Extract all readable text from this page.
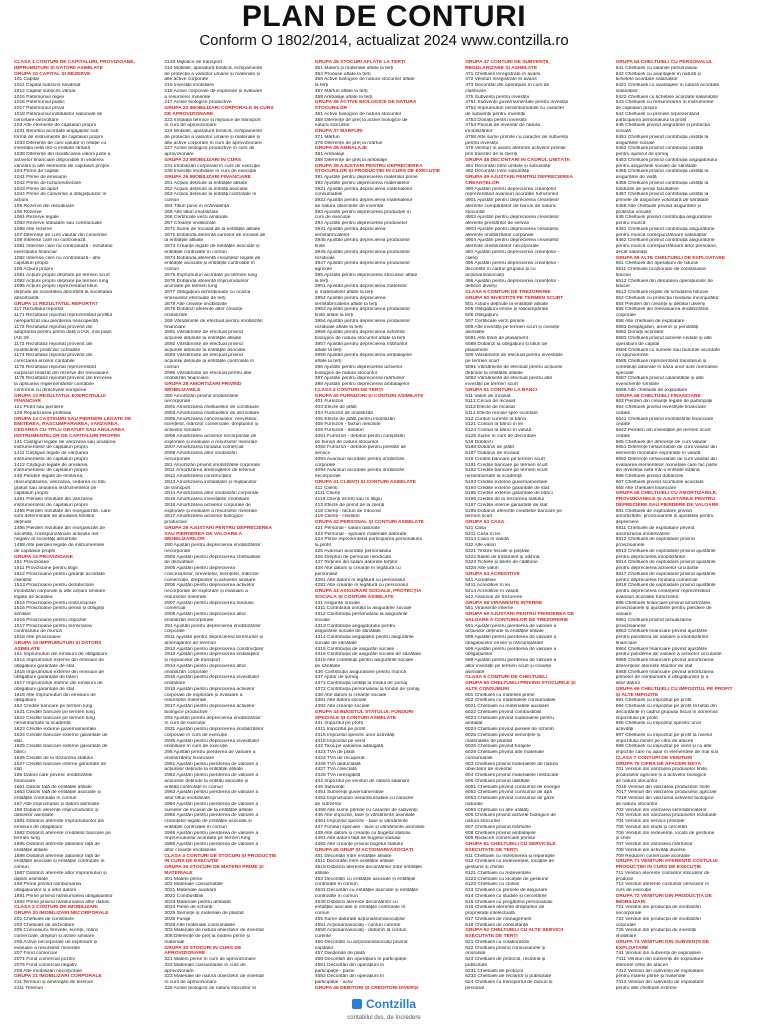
PLAN DE CONTURI
Conform O 1802/2014, actualizat 2024 www.contzilla.ro
CLASA 1 CONTURI DE CAPITALURI, PROVIZIOANE,
ÎMPRUMUTURI ȘI DATORII ASIMILATE
GRUPA 10 CAPITAL ȘI REZERVE
101 Capital
1011 Capital subscris nevărsat
1012 Capital subscris vărsat
1015 Patrimoniul regiei
1016 Patrimoniul public
1017 Patrimoniul privat
1018 Patrimoniul institutelor naționale de
cercetare-dezvoltare
103 Alte elemente de capitaluri proprii
1031 Beneficii acordate angajaților sub
formă de instrumente de capitaluri proprii
1033 Diferențe de curs valutar în relație cu
investiția netă într-o entitate străină
1038 Diferențe din modificarea valorii juste a
activelor financiare disponibile în vederea
vânzării și alte elemente de capitaluri proprii
104 Prime de capital
1041 Prime de emisiune
1042 Prime de fuziune/divizare
1043 Prime de aport
1044 Prime de conversie a obligațiunilor în
acțiuni
105 Rezerve din reevaluare
106 Rezerve
1061 Rezerve legale
1063 Rezerve statutare sau contractuale
1068 Alte rezerve
107 Diferențe de curs valutar din conversie
108 Interese care nu controlează
1081 Interese care nu controlează - rezultatul
exercițiului financiar
1082 Interese care nu controlează - alte
capitaluri proprii
109 Acțiuni proprii
1091 Acțiuni proprii deținute pe termen scurt
1092 Acțiuni proprii deținute pe termen lung
1095 Acțiuni proprii reprezentând titluri
deținute de societatea absorbită la societatea
absorbantă
GRUPA 11 REZULTATUL REPORTAT
117 Rezultatul reportat
1171 Rezultatul reportat reprezentând profitul
nerepartizat sau pierderea neacoperită
1172 Rezultatul reportat provenit din
adoptarea pentru prima dată a IAS, mai puțin
IAS 29
1173 Rezultatul reportat provenit din
modificările politicilor contabile
1174 Rezultatul reportat provenit din
corectarea erorilor contabile
1175 Rezultatul reportat reprezentând
surplusul realizat din rezerve din reevaluare
1176 Rezultatul reportat provenit din trecerea
la aplicarea reglementărilor contabile
conforme cu directivele europene
GRUPA 12 REZULTATUL EXERCIȚIULUI
FINANCIAR
121 Profit sau pierdere
129 Repartizarea profitului
GRUPA 14 CÂȘTIGURI SAU PIERDERI LEGATE DE
EMITEREA, RĂSCUMPĂRAREA, VÂNZAREA,
CEDAREA CU TITLU GRATUIT SAU ANULAREA
INSTRUMENTELOR DE CAPITALURI PROPRII
141 Câștiguri legate de vânzarea sau anularea
instrumentelor de capitaluri proprii
1411 Câștiguri legate de vânzarea
instrumentelor de capitaluri proprii
1412 Câștiguri legate de anularea
instrumentelor de capitaluri proprii
149 Pierderi legate de emiterea,
răscumpărarea, vânzarea, cedarea cu titlu
gratuit sau anularea instrumentelor de
capitaluri proprii
1491 Pierderi rezultate din vânzarea
instrumentelor de capitaluri proprii
1495 Pierderi rezultate din reorganizări, care
sunt determinate de anularea titlurilor
deținute
1496 Pierderi rezultate din reorganizări de
societăți, corespunzătoare activului net
negativ al societății absorbite
1498 Alte pierderi legate de instrumentele
de capitaluri proprii
GRUPA 15 PROVIZIOANE
151 Provizioane
1511 Provizioane pentru litigii
1512 Provizioane pentru garanții acordate
clienților
1513 Provizioane pentru dezafectare
imobilizări corporale și alte acțiuni similare
legate de acestea
1514 Provizioane pentru restructurare
1515 Provizioane pentru pensii și obligații
similare
1516 Provizioane pentru impozite
1517 Provizioane pentru terminarea
contractului de muncă
1518 Alte provizioane
GRUPA 16 ÎMPRUMUTURI ȘI DATORII
ASIMILATE
161 Împrumuturi din emisiuni de obligațiuni
1614 Împrumuturi externe din emisiuni de
obligațiuni garantate de stat
1615 Împrumuturi externe din emisiuni de
obligațiuni garantate de bănci
1617 Împrumuturi interne din emisiuni de
obligațiuni garantate de stat
1618 Alte împrumuturi din emisiuni de
obligațiuni
162 Credite bancare pe termen lung
1621 Credite bancare pe termen lung
1622 Credite bancare pe termen lung
nerambursate la scadență
1623 Credite externe guvernamentale
1624 Credite bancare externe garantate de
stat
1625 Credite bancare externe garantate de
bănci
1626 Credite de la trezoreria statului
1627 Credite bancare interne garantate de
stat
166 Datorii care privesc imobilizările
financiare
1661 Datorii față de entitățile afiliate
1663 Datorii față de entitățile asociate și
entitățile controlate în comun
167 Alte împrumuturi și datorii asimilate
168 Dobânzi aferente împrumuturilor și
datoriilor asimilate
1681 Dobânzi aferente împrumuturilor din
emisiuni de obligațiuni
1682 Dobânzi aferente creditelor bancare pe
termen lung
1685 Dobânzi aferente datoriilor față de
entitățile afiliate
1686 Dobânzi aferente datoriilor față de
entitățile asociate și entitățile controlate în
comun
1687 Dobânzi aferente altor împrumuturi și
datorii asimilate
169 Prime privind rambursarea
obligațiunilor și a altor datorii
1691 Prime privind rambursarea obligațiunilor
1692 Prime privind rambursarea altor datorii
CLASA 2 CONTURI DE IMOBILIZĂRI
GRUPA 20 IMOBILIZĂRI NECORPORALE
201 Cheltuieli de constituire
203 Cheltuieli de dezvoltare
205 Concesiuni, brevete, licențe, mărci
comerciale, drepturi și active similare
206 Active necorporale de explorare și
evaluare a resurselor minerale
207 Fond comercial
2071 Fond comercial pozitiv
2075 Fond comercial negativ
208 Alte imobilizări necorporale
GRUPA 21 IMOBILIZĂRI CORPORALE
211 Terenuri și amenajări de terenuri
2111 Terenuri
2133 Mijloace de transport
214 Mobilier, aparatură birotică, echipamente
de protecție a valorilor umane și materiale și
alte active corporale
215 Investiții imobiliare
216 Active corporale de explorare și evaluare
a resurselor minerale
217 Active biologice productive
GRUPA 22 IMOBILIZĂRI CORPORALE ÎN CURS
DE APROVIZIONARE
223 Instalații tehnice și mijloace de transport
în curs de aprovizionare
224 Mobilier, aparatură birotică, echipamente
de protecție a valorilor umane și materiale și
alte active corporale în curs de aprovizionare
227 Active biologice productive în curs de
aprovizionare
GRUPA 23 IMOBILIZĂRI ÎN CURS
231 Imobilizări corporale în curs de execuție
235 Investiții imobiliare în curs de execuție
GRUPA 26 IMOBILIZĂRI FINANCIARE
261 Acțiuni deținute la entitățile afiliate
262 Acțiuni deținute la entități asociate
263 Acțiuni deținute la entități controlate în
comun
264 Titluri puse în echivalență
265 Alte titluri imobilizate
266 Certificate verzi amânate
267 Creanțe imobilizate
2671 Sume de încasat de la entitățile afiliate
2672 Dobânda aferentă sumelor de încasat de
la entitățile afiliate
2673 Creanțe legate de entitățile asociate și
entitățile controlate în comun
2674 Dobânda aferentă creanțelor legate de
entitățile asociate și entitățile controlate în
comun
2675 Împrumuturi acordate pe termen lung
2676 Dobânda aferentă împrumuturilor
acordate pe termen lung
2677 Obligațiuni achiziționate cu ocazia
emisiunilor efectuate de terți
2678 Alte creanțe imobilizate
2679 Dobânzi aferente altor creanțe
imobilizate
269 Vărsăminte de efectuat pentru imobilizări
financiare
2691 Vărsăminte de efectuat privind
acțiunile deținute la entitățile afiliate
2692 Vărsăminte de efectuat privind
acțiunile deținute la entitățile asociate
2693 Vărsăminte de efectuat privind
acțiunile deținute la entitățile controlate în
comun
2695 Vărsăminte de efectuat pentru alte
imobilizări financiare
GRUPA 28 AMORTIZĂRI PRIVIND
IMOBILIZĂRILE
280 Amortizări privind imobilizările
necorporale
2801 Amortizarea cheltuielilor de constituire
2803 Amortizarea cheltuielilor de dezvoltare
2805 Amortizarea concesiunilor, brevetelor,
licențelor, mărcilor comerciale, drepturilor și
activelor similare
2806 Amortizarea activelor necorporale de
explorare și evaluare a resurselor minerale
2807 Amortizarea fondului comercial
2808 Amortizarea altor imobilizări
necorporale
281 Amortizări privind imobilizările corporale
2811 Amortizarea amenajărilor de terenuri
2812 Amortizarea construcțiilor
2813 Amortizarea instalațiilor și mijloacelor
de transport
2814 Amortizarea altor imobilizări corporale
2815 Amortizarea investițiilor imobiliare
2816 Amortizarea activelor corporale de
explorare și evaluare a resurselor minerale
2817 Amortizarea activelor biologice
productive
GRUPA 29 AJUSTĂRI PENTRU DEPRECIEREA
SAU PIERDEREA DE VALOARE A
IMOBILIZĂRILOR
290 Ajustări pentru deprecierea imobilizărilor
necorporale
2903 Ajustări pentru deprecierea cheltuielilor
de dezvoltare
2905 Ajustări pentru deprecierea
concesiunilor, brevetelor, licențelor, mărcilor
comerciale, drepturilor și activelor similare
2906 Ajustări pentru deprecierea activelor
necorporale de explorare și evaluare a
resurselor minerale
2907 Ajustări pentru deprecierea fondului
comercial
2908 Ajustări pentru deprecierea altor
imobilizări necorporale
291 Ajustări pentru deprecierea imobilizărilor
corporale
2911 Ajustări pentru deprecierea terenurilor și
amenajărilor de terenuri
2912 Ajustări pentru deprecierea construcțiilor
2913 Ajustări pentru deprecierea instalațiilor
și mijloacelor de transport
2914 Ajustări pentru deprecierea altor
imobilizări corporale
2915 Ajustări pentru deprecierea investițiilor
imobiliare
2916 Ajustări pentru deprecierea activelor
corporale de explorare și evaluare a
resurselor minerale
2917 Ajustări pentru deprecierea activelor
biologice productive
293 Ajustări pentru deprecierea imobilizărilor
în curs de execuție
2931 Ajustări pentru deprecierea imobilizărilor
corporale în curs de execuție
2935 Ajustări pentru deprecierea investițiilor
imobiliare în curs de execuție
296 Ajustări pentru pierderea de valoare a
imobilizărilor financiare
2961 Ajustări pentru pierderea de valoare a
acțiunilor deținute la entitățile afiliate
2962 Ajustări pentru pierderea de valoare a
acțiunilor deținute la entități asociate și
entități controlate în comun
2963 Ajustări pentru pierderea de valoare a
altor titluri imobilizate
2964 Ajustări pentru pierderea de valoare a
sumelor de încasat de la entitățile afiliate
2965 Ajustări pentru pierderea de valoare a
creanțelor legate de entitățile asociate și
entitățile controlate în comun
2966 Ajustări pentru pierderea de valoare a
împrumuturilor acordate pe termen lung
2968 Ajustări pentru pierderea de valoare a
altor creanțe imobilizate
CLASA 3 CONTURI DE STOCURI ȘI PRODUCȚIE
ÎN CURS DE EXECUȚIE
GRUPA 30 STOCURI DE MATERII PRIME ȘI
MATERIALE
301 Materii prime
302 Materiale consumabile
3021 Materiale auxiliare
3022 Combustibili
3023 Materiale pentru ambalat
3024 Piese de schimb
3025 Semințe și materiale de plantat
3026 Furaje
3028 Alte materiale consumabile
303 Materiale de natura obiectelor de inventar
308 Diferențe de preț la materii prime și
materiale
GRUPA 32 STOCURI ÎN CURS DE
APROVIZIONARE
321 Materii prime în curs de aprovizionare
322 Materiale consumabile în curs de
aprovizionare
323 Materiale de natura obiectelor de inventar
în curs de aprovizionare
326 Active biologice de natura stocurilor în
GRUPA 35 STOCURI AFLATE LA TERȚI
351 Materii și materiale aflate la terți
354 Produse aflate la terți
356 Active biologice de natura stocurilor aflate
la terți
357 Mărfuri aflate la terți
358 Ambalaje aflate la terți
GRUPA 36 ACTIVE BIOLOGICE DE NATURA
STOCURILOR
361 Active biologice de natura stocurilor
368 Diferențe de preț la active biologice de
natura stocurilor
GRUPA 37 MĂRFURI
371 Mărfuri
378 Diferențe de preț la mărfuri
GRUPA 38 AMBALAJE
381 Ambalaje
388 Diferențe de preț la ambalaje
GRUPA 39 AJUSTĂRI PENTRU DEPRECIEREA
STOCURILOR ȘI PRODUCȚIEI ÎN CURS DE EXECUȚIE
391 Ajustări pentru deprecierea materiilor prime
392 Ajustări pentru deprecierea materialelor
3921 Ajustări pentru deprecierea materialelor
consumabile
3922 Ajustări pentru deprecierea materialelor
de natura obiectelor de inventar
393 Ajustări pentru deprecierea producției în
curs de execuție
394 Ajustări pentru deprecierea produselor
3941 Ajustări pentru deprecierea
semifabricatelor
3945 Ajustări pentru deprecierea produselor
finite
3946 Ajustări pentru deprecierea produselor
reziduale
3947 Ajustări pentru deprecierea produselor
agricole
395 Ajustări pentru deprecierea stocurilor aflate
la terți
3951 Ajustări pentru deprecierea materiilor
și materialelor aflate la terți
3952 Ajustări pentru deprecierea
semifabricatelor aflate la terți
3953 Ajustări pentru deprecierea produselor
finite aflate la terți
3954 Ajustări pentru deprecierea produselor
reziduale aflate la terți
3956 Ajustări pentru deprecierea activelor
biologice de natura stocurilor aflate la terți
3957 Ajustări pentru deprecierea mărfurilor
aflate la terți
3958 Ajustări pentru deprecierea ambalajelor
aflate la terți
396 Ajustări pentru deprecierea activelor
biologice de natura stocurilor
397 Ajustări pentru deprecierea mărfurilor
398 Ajustări pentru deprecierea ambalajelor
CLASA 4 CONTURI DE TERȚI
GRUPA 40 FURNIZORI ȘI CONTURI ASIMILATE
401 Furnizori
403 Efecte de plătit
404 Furnizori de imobilizări
405 Efecte de plătit pentru imobilizări
408 Furnizori - facturi nesosite
409 Furnizori - debitori
4091 Furnizori - debitori pentru cumpărări
de bunuri de natura stocurilor
4092 Furnizori - debitori pentru prestări de
servicii
4093 Avansuri acordate pentru imobilizări
corporale
4094 Avansuri acordate pentru imobilizări
necorporale
GRUPA 41 CLIENȚI ȘI CONTURI ASIMILATE
411 Clienți
4111 Clienți
4118 Clienți incerți sau în litigiu
413 Efecte de primit de la clienți
418 Clienți - facturi de întocmit
419 Clienți - creditori
GRUPA 42 PERSONAL ȘI CONTURI ASIMILATE
421 Personal - salarii datorate
423 Personal - ajutoare materiale datorate
424 Prime reprezentând participarea personalului
la profit
425 Avansuri acordate personalului
426 Drepturi de personal neridicate
427 Rețineri din salarii datorate terților
428 Alte datorii și creanțe în legătură cu
personalul
4281 Alte datorii în legătură cu personalul
4282 Alte creanțe în legătură cu personalul
GRUPA 43 ASIGURĂRI SOCIALE, PROTECȚIA
SOCIALĂ ȘI CONTURI ASIMILATE
431 Asigurări sociale
4311 Contribuția unității la asigurările sociale
4312 Contribuția personalului la asigurările
sociale
4313 Contribuția angajatorului pentru
asigurările sociale de sănătate
4314 Contribuția angajaților pentru asigurările
sociale de sănătate
4315 Contribuția de asigurări sociale
4316 Contribuția de asigurări sociale de sănătate
4318 Alte contribuții pentru asigurările sociale
de sănătate
436 Contribuția asiguratorie pentru muncă
437 Ajutor de șomaj
4371 Contribuția unității la fondul de șomaj
4372 Contribuția personalului la fondul de șomaj
438 Alte datorii și creanțe sociale
4381 Alte datorii sociale
4382 Alte creanțe sociale
GRUPA 44 BUGETUL STATULUI, FONDURI
SPECIALE ȘI CONTURI ASIMILATE
441 Impozitul pe profit
4411 Impozitul pe profit
4415 Impozitul specific unor activități
4418 Impozitul pe venit
442 Taxa pe valoarea adăugată
4423 TVA de plată
4424 TVA de recuperat
4426 TVA deductibilă
4427 TVA colectată
4428 TVA neexigibilă
444 Impozitul pe venituri de natura salariilor
445 Subvenții
4451 Subvenții guvernamentale
4452 Împrumuturi nerambursabile cu caracter
de subvenții
4458 Alte sume primite cu caracter de subvenții
446 Alte impozite, taxe și vărsăminte asimilate
4461 Impozitul specific - taxe și vărsăminte
447 Fonduri speciale - taxe și vărsăminte asimilate
448 Alte datorii și creanțe cu bugetul statului
4481 Alte datorii față de bugetul statului
4482 Alte creanțe privind bugetul statului
GRUPA 45 GRUP ȘI ACȚIONARI/ASOCIAȚI
451 Decontări între entitățile afiliate
4511 Decontări între entitățile afiliate
4518 Dobânzi aferente decontărilor între entitățile
afiliate
453 Decontări cu entitățile asociate și entitățile
controlate în comun
4531 Decontări cu entitățile asociate și entitățile
controlate în comun
4538 Dobânzi aferente decontărilor cu
entitățile asociate și entitățile controlate în
comun
455 Sume datorate acționarilor/asociaților
4551 Acționari/asociați - conturi curente
4558 Acționari/asociați - dobânzi la conturi
curente
456 Decontări cu acționarii/asociații privind
capitalul
457 Dividende de plată
458 Decontări din operațiuni în participație
4581 Decontări din operațiuni în
participație - pasiv
4582 Decontări din operațiuni în
participație - activ
GRUPA 46 DEBITORI ȘI CREDITORI DIVERȘI
GRUPA 47 CONTURI DE SUBVENȚII,
REGULARIZARE ȘI ASIMILATE
471 Cheltuieli înregistrate în avans
472 Venituri înregistrate în avans
473 Decontări din operațiuni în curs de
clarificare
475 Subvenții pentru investiții
4751 Subvenții guvernamentale pentru investiții
4752 Împrumuturi nerambursabile cu caracter
de subvenții pentru investiții
4753 Donații pentru investiții
4754 Plusuri de inventar de natura
imobilizărilor
4758 Alte sume primite cu caracter de subvenții
pentru investiții
478 Venituri în avans aferente activelor primite
prin transfer de la clienți
GRUPA 48 DECONTĂRI ÎN CADRUL UNITĂȚII
481 Decontări între unitate și subunități
482 Decontări între subunități
GRUPA 49 AJUSTĂRI PENTRU DEPRECIEREA
CREANȚELOR
490 Ajustări pentru deprecierea creanțelor
reprezentând avansuri acordate furnizorilor
4901 Ajustări pentru deprecierea creanțelor
aferente cumpărărilor de bunuri de natura
stocurilor
4902 Ajustări pentru deprecierea creanțelor
aferente prestărilor de servicii
4903 Ajustări pentru deprecierea creanțelor
aferente imobilizărilor corporale
4904 Ajustări pentru deprecierea creanțelor
aferente imobilizărilor necorporale
491 Ajustări pentru deprecierea creanțelor -
clienți
495 Ajustări pentru deprecierea creanțelor -
decontări în cadrul grupului și cu
acționarii/asociații
496 Ajustări pentru deprecierea creanțelor -
debitori diverși
CLASA 5 CONTURI DE TREZORERIE
GRUPA 50 INVESTIȚII PE TERMEN SCURT
501 Acțiuni deținute la entitățile afiliate
505 Obligațiuni emise și răscumpărate
506 Obligațiuni
507 Certificate verzi primite
508 Alte investiții pe termen scurt și creanțe
asimilate
5081 Alte titluri de plasament
5088 Dobânzi la obligațiuni și titluri de
plasament
509 Vărsăminte de efectuat pentru investițiile
pe termen scurt
5091 Vărsăminte de efectuat pentru acțiunile
deținute la entitățile afiliate
5092 Vărsăminte de efectuat pentru alte
investiții pe termen scurt
GRUPA 51 CONTURI LA BĂNCI
511 Valori de încasat
5112 Cecuri de încasat
5113 Efecte de încasat
5114 Efecte remise spre scontare
512 Conturi curente la bănci
5121 Conturi la bănci în lei
5124 Conturi la bănci în valută
5125 Sume în curs de decontare
518 Dobânzi
5186 Dobânzi de plătit
5187 Dobânzi de încasat
519 Credite bancare pe termen scurt
5191 Credite bancare pe termen scurt
5192 Credite bancare pe termen scurt
nerambursate la scadență
5193 Credite externe guvernamentale
5194 Credite externe garantate de stat
5195 Credite externe garantate de bănci
5196 Credite de la trezoreria statului
5197 Credite interne garantate de stat
5198 Dobânzi aferente creditelor bancare pe
termen scurt
GRUPA 53 CASA
531 Casa
5311 Casa în lei
5314 Casa în valută
532 Alte valori
5321 Timbre fiscale și poștale
5322 Bilete de tratament și odihnă
5323 Tichete și bilete de călătorie
5328 Alte valori
GRUPA 54 ACREDITIVE
541 Acreditive
5411 Acreditive în lei
5414 Acreditive în valută
542 Avansuri de trezorerie
GRUPA 58 VIRAMENTE INTERNE
581 Viramente interne
GRUPA 59 AJUSTĂRI PENTRU PIERDEREA DE
VALOARE A CONTURILOR DE TREZORERIE
591 Ajustări pentru pierderea de valoare a
acțiunilor deținute la entitățile afiliate
595 Ajustări pentru pierderea de valoare a
obligațiunilor emise și răscumpărate
596 Ajustări pentru pierderea de valoare a
obligațiunilor
598 Ajustări pentru pierderea de valoare a
altor investiții pe termen scurt și creanțe
asimilate
CLASA 6 CONTURI DE CHELTUIELI
GRUPA 60 CHELTUIELI PRIVIND STOCURILE ȘI
ALTE CONSUMURI
601 Cheltuieli cu materiile prime
602 Cheltuieli cu materialele consumabile
6021 Cheltuieli cu materialele auxiliare
6022 Cheltuieli privind combustibilii
6023 Cheltuieli privind materialele pentru
ambalat
6024 Cheltuieli privind piesele de schimb
6025 Cheltuieli privind semințele și
materialele de plantat
6026 Cheltuieli privind furajele
6028 Cheltuieli privind alte materiale
consumabile
603 Cheltuieli privind materialele de natura
obiectelor de inventar
604 Cheltuieli privind materialele nestocate
605 Cheltuieli privind utilitățile
6051 Cheltuieli privind consumul de energie
6052 Cheltuieli privind consumul de apă
6053 Cheltuieli privind consumul de gaze
naturale
6058 Cheltuieli cu alte utilități
606 Cheltuieli privind activele biologice de
natura stocurilor
607 Cheltuieli privind mărfurile
608 Cheltuieli privind ambalajele
609 Reduceri comerciale primite
GRUPA 61 CHELTUIELI CU SERVICIILE
EXECUTATE DE TERȚI
611 Cheltuieli cu întreținerea și reparațiile
612 Cheltuieli cu redevențele, locațiile de
gestiune și chiriile
6121 Cheltuieli cu redevențele
6122 Cheltuieli cu locațiile de gestiune
6123 Cheltuieli cu chiriile
613 Cheltuieli cu primele de asigurare
614 Cheltuieli cu studiile și cercetările
615 Cheltuieli cu pregătirea personalului
616 Cheltuieli aferente drepturilor de
proprietate intelectuală
617 Cheltuieli de management
618 Cheltuieli de consultanță
GRUPA 62 CHELTUIELI CU ALTE SERVICII
EXECUTATE DE TERȚI
621 Cheltuieli cu colaboratorii
622 Cheltuieli privind comisioanele și
onorariile
623 Cheltuieli de protocol, reclamă și
publicitate
6231 Cheltuieli de protocol
6232 Cheltuieli de reclamă și publicitate
624 Cheltuieli cu transportul de bunuri și
personal
GRUPA 64 CHELTUIELI CU PERSONALUL
641 Cheltuieli cu salariile personalului
642 Cheltuieli cu avantajele în natură și
tichetele acordate salariaților
6421 Cheltuieli cu avantajele în natură acordate
salariaților
6422 Cheltuieli cu tichetele acordate salariaților
643 Cheltuieli cu remunerarea în instrumente
de capitaluri proprii
644 Cheltuieli cu primele reprezentând
participarea personalului la profit
645 Cheltuieli privind asigurările și protecția
socială
6451 Cheltuieli privind contribuția unității la
asigurările sociale
6452 Cheltuieli privind contribuția unității
pentru ajutorul de șomaj
6453 Cheltuieli privind contribuția angajatorului
pentru asigurările sociale de sănătate
6455 Cheltuieli privind contribuția unității la
asigurările de viață
6456 Cheltuieli privind contribuția unității la
fondurile de pensii facultative
6457 Cheltuieli privind contribuția unității la
primele de asigurare voluntară de sănătate
6458 Alte cheltuieli privind asigurările și
protecția socială
646 Cheltuieli privind contribuția asiguratorie
pentru muncă
6461 Cheltuieli privind contribuția asiguratorie
pentru muncă corespunzătoare salariaților
6462 Cheltuieli privind contribuția asiguratorie
pentru muncă corespunzătoare altor persoane,
decât salariații
GRUPA 65 ALTE CHELTUIELI DE EXPLOATARE
651 Cheltuieli din operațiuni de fiducie
6511 Cheltuieli ocazionate de constituirea
fiduciei
6512 Cheltuieli din derularea operațiunilor de
fiducie
6513 Cheltuieli legate de lichidarea fiduciei
652 Cheltuieli cu protecția mediului înconjurător
654 Pierderi din creanțe și debitori diverși
655 Cheltuieli din reevaluarea imobilizărilor
corporale
658 Alte cheltuieli de exploatare
6581 Despăgubiri, amenzi și penalități
6582 Donații acordate
6583 Cheltuieli privind activele cedate și alte
operațiuni de capital
6584 Cheltuieli cu sumele sau bunurile acordate
ca sponsorizări
6585 Cheltuieli reprezentând transferuri și
contribuții datorate în baza unor acte normative
speciale
6587 Cheltuieli privind calamitățile și alte
evenimente similare
6588 Alte cheltuieli de exploatare
GRUPA 66 CHELTUIELI FINANCIARE
663 Pierderi din creanțe legate de participații
664 Cheltuieli privind investițiile financiare
cedate
6641 Cheltuieli privind imobilizările financiare
cedate
6642 Pierderi din investițiile pe termen scurt
cedate
665 Cheltuieli din diferențe de curs valutar
6651 Diferențe nefavorabile de curs valutar din
elemente monetare exprimate în valută
6652 Diferențe nefavorabile de curs valutar din
evaluarea elementelor monetare care fac parte
din investiția netă într-o entitate străină
666 Cheltuieli privind dobânzile
667 Cheltuieli privind sconturile acordate
668 Alte cheltuieli financiare
GRUPA 68 CHELTUIELI CU AMORTIZĂRILE,
PROVIZIOANELE ȘI AJUSTĂRILE PENTRU
DEPRECIERE SAU PIERDERE DE VALOARE
681 Cheltuieli de exploatare privind
amortizările, provizioanele și ajustările pentru
depreciere
6811 Cheltuieli de exploatare privind
amortizarea imobilizărilor
6812 Cheltuieli de exploatare privind
provizioanele
6813 Cheltuieli de exploatare privind ajustările
pentru deprecierea imobilizărilor
6814 Cheltuieli de exploatare privind ajustările
pentru deprecierea activelor circulante
6817 Cheltuieli de exploatare privind ajustările
pentru deprecierea fondului comercial
6818 Cheltuieli de exploatare privind ajustările
pentru deprecierea creanțelor reprezentând
avansuri acordate furnizorilor
686 Cheltuieli financiare privind amortizările,
provizioanele și ajustările pentru pierdere de
valoare
6861 Cheltuieli privind actualizarea
provizioanelor
6863 Cheltuieli financiare privind ajustările
pentru pierderea de valoare a imobilizărilor
financiare
6864 Cheltuieli financiare privind ajustările
pentru pierderea de valoare a activelor circulante
6865 Cheltuieli financiare privind amortizarea
diferențelor aferente titlurilor de stat
6868 Cheltuieli financiare privind amortizarea
primelor de rambursare a obligațiunilor și a
altor datorii
GRUPA 69 CHELTUIELI CU IMPOZITUL PE PROFIT
ȘI ALTE IMPOZITE
691 Cheltuieli cu impozitul pe profit
694 Cheltuieli cu impozitul pe profit rezultat din
decontările în cadrul grupului fiscal în domeniul
impozitului pe profit
695 Cheltuieli cu impozitul specific unor
activități
697 Cheltuieli cu impozitul pe profit la nivelul
impozitului minim pe cifra de afaceri
698 Cheltuieli cu impozitul pe venit și cu alte
impozite care nu apar în elementele de mai sus
CLASA 7 CONTURI DE VENITURI
GRUPA 70 CIFRA DE AFACERI NETĂ
701 Venituri din vânzarea produselor finite,
produselor agricole și a activelor biologice
de natura stocurilor
7015 Venituri din vânzarea produselor finite
7017 Venituri din vânzarea produselor agricole
7018 Venituri din vânzarea activelor biologice
de natura stocurilor
702 Venituri din vânzarea semifabricatelor
703 Venituri din vânzarea produselor reziduale
704 Venituri din servicii prestate
705 Venituri din studii și cercetări
706 Venituri din redevențe, locații de gestiune
și chirii
707 Venituri din vânzarea mărfurilor
708 Venituri din activități diverse
709 Reduceri comerciale acordate
GRUPA 71 VENITURI AFERENTE COSTULUI
PRODUCȚIEI ÎN CURS DE EXECUȚIE
711 Venituri aferente costurilor stocurilor de
produse
712 Venituri aferente costurilor serviciilor în
curs de execuție
GRUPA 72 VENITURI DIN PRODUCȚIA DE
IMOBILIZĂRI
721 Venituri din producția de imobilizări
necorporale
722 Venituri din producția de imobilizări
corporale
725 Venituri din producția de investiții
imobiliare
GRUPA 74 VENITURI DIN SUBVENȚII DE
EXPLOATARE
741 Venituri din subvenții de exploatare
7411 Venituri din subvenții de exploatare
aferente cifrei de afaceri
7412 Venituri din subvenții de exploatare
pentru materii prime și materiale
7413 Venituri din subvenții de exploatare
pentru alte cheltuieli externe
Contzilla
contabilul dvs. de încredere
